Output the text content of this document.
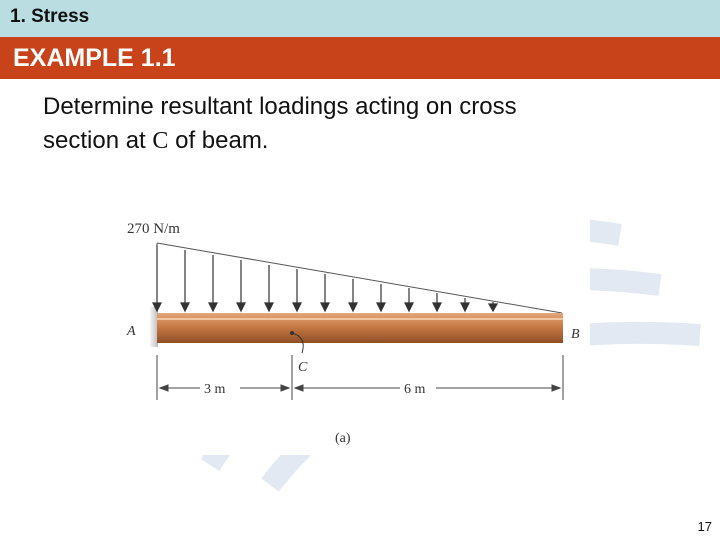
1. Stress
EXAMPLE 1.1
Determine resultant loadings acting on cross
section at C of beam.
270 N/m
A	B
C
3 m	6 m
(a)
17
